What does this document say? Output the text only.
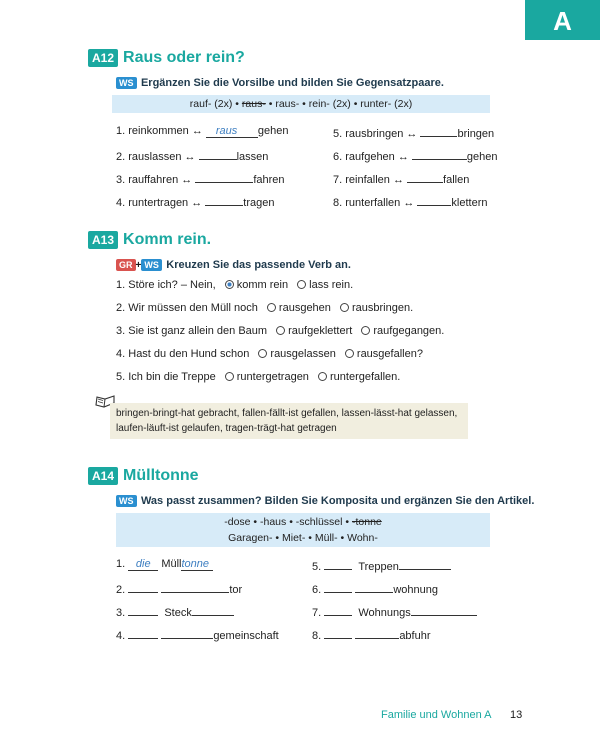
A
A12 Raus oder rein?
WS Ergänzen Sie die Vorsilbe und bilden Sie Gegensatzpaare.
rauf- (2x) • raus- • raus- • rein- (2x) • runter- (2x)
1. reinkommen ↔ raus gehen
2. rauslassen ↔	lassen
3. rauffahren ↔	fahren
4. runtertragen ↔	tragen
5. rausbringen ↔	bringen
6. raufgehen ↔	gehen
7. reinfallen ↔	fallen
8. runterfallen ↔	klettern
A13 Komm rein.
GR + WS Kreuzen Sie das passende Verb an.
1. Störe ich? – Nein, komm rein lass rein.
2. Wir müssen den Müll noch rausgehen rausbringen.
3. Sie ist ganz allein den Baum raufgeklettert raufgegangen.
4. Hast du den Hund schon rausgelassen rausgefallen?
5. Ich bin die Treppe runtergetragen runtergefallen.
bringen-bringt-hat gebracht, fallen-fällt-ist gefallen, lassen-lässt-hat gelassen,
laufen-läuft-ist gelaufen, tragen-trägt-hat getragen
A14 Mülltonne
WS Was passt zusammen? Bilden Sie Komposita und ergänzen Sie den Artikel.
-dose • -haus • -schlüssel • -tonne
Garagen- • Miet- • Müll- • Wohn-
1. die Mülltonne
2.	tor
3.	Steck
4.	gemeinschaft
5.	Treppen
6.	wohnung
7.	Wohnungs
8.	abfuhr
Familie und Wohnen A 13
